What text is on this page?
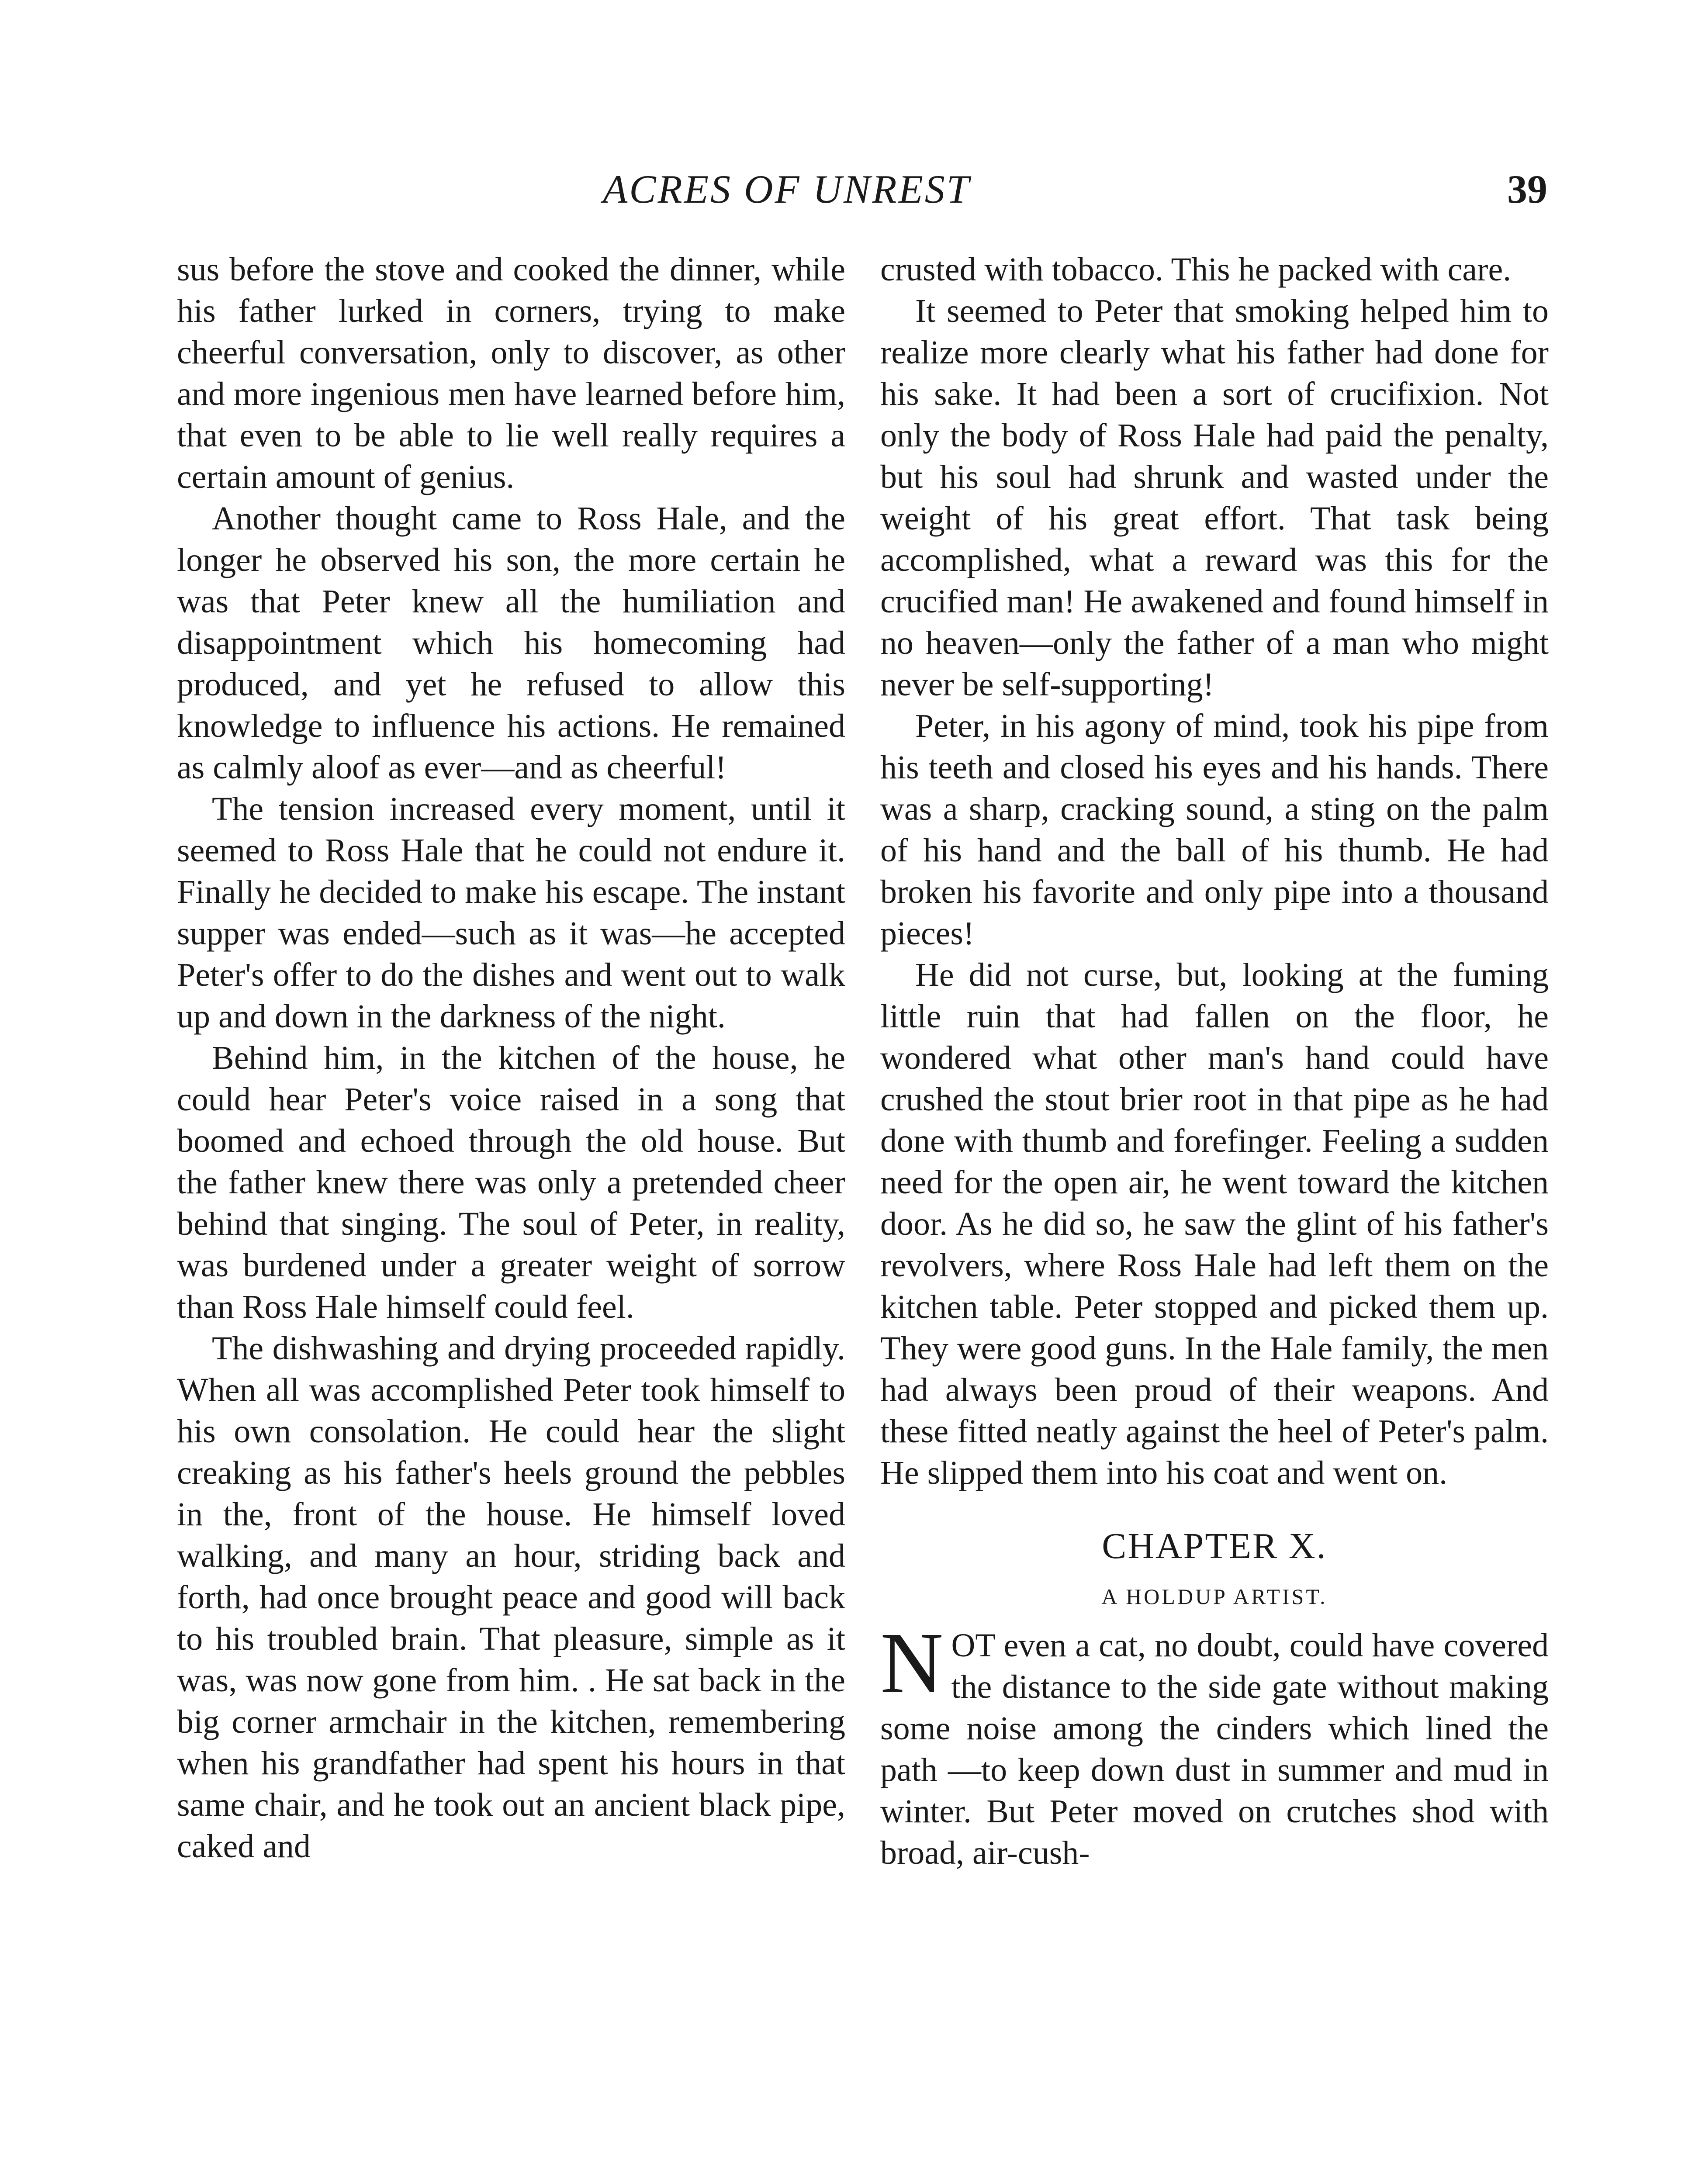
ACRES OF UNREST	39

sus before the stove and cooked the dinner, while his father lurked in corners, trying to make cheerful conversation, only to discover, as other and more ingenious men have learned before him, that even to be able to lie well really requires a certain amount of genius.

Another thought came to Ross Hale, and the longer he observed his son, the more certain he was that Peter knew all the humiliation and disappointment which his homecoming had produced, and yet he refused to allow this knowledge to influence his actions. He remained as calmly aloof as ever—and as cheerful!

The tension increased every moment, until it seemed to Ross Hale that he could not endure it. Finally he decided to make his escape. The instant supper was ended—such as it was—he accepted Peter's offer to do the dishes and went out to walk up and down in the darkness of the night.

Behind him, in the kitchen of the house, he could hear Peter's voice raised in a song that boomed and echoed through the old house. But the father knew there was only a pretended cheer behind that singing. The soul of Peter, in reality, was burdened under a greater weight of sorrow than Ross Hale himself could feel.

The dishwashing and drying proceeded rapidly. When all was accomplished Peter took himself to his own consolation. He could hear the slight creaking as his father's heels ground the pebbles in the, front of the house. He himself loved walking, and many an hour, striding back and forth, had once brought peace and good will back to his troubled brain. That pleasure, simple as it was, was now gone from him. . He sat back in the big corner armchair in the kitchen, remembering when his grandfather had spent his hours in that same chair, and he took out an ancient black pipe, caked and

crusted with tobacco. This he packed with care.

It seemed to Peter that smoking helped him to realize more clearly what his father had done for his sake. It had been a sort of crucifixion. Not only the body of Ross Hale had paid the penalty, but his soul had shrunk and wasted under the weight of his great effort. That task being accomplished, what a reward was this for the crucified man! He awakened and found himself in no heaven—only the father of a man who might never be self-supporting!

Peter, in his agony of mind, took his pipe from his teeth and closed his eyes and his hands. There was a sharp, cracking sound, a sting on the palm of his hand and the ball of his thumb. He had broken his favorite and only pipe into a thousand pieces!

He did not curse, but, looking at the fuming little ruin that had fallen on the floor, he wondered what other man's hand could have crushed the stout brier root in that pipe as he had done with thumb and forefinger. Feeling a sudden need for the open air, he went toward the kitchen door. As he did so, he saw the glint of his father's revolvers, where Ross Hale had left them on the kitchen table. Peter stopped and picked them up. They were good guns. In the Hale family, the men had always been proud of their weapons. And these fitted neatly against the heel of Peter's palm. He slipped them into his coat and went on.

CHAPTER X.
A HOLDUP ARTIST.

NOT even a cat, no doubt, could have covered the distance to the side gate without making some noise among the cinders which lined the path —to keep down dust in summer and mud in winter. But Peter moved on crutches shod with broad, air-cush-
